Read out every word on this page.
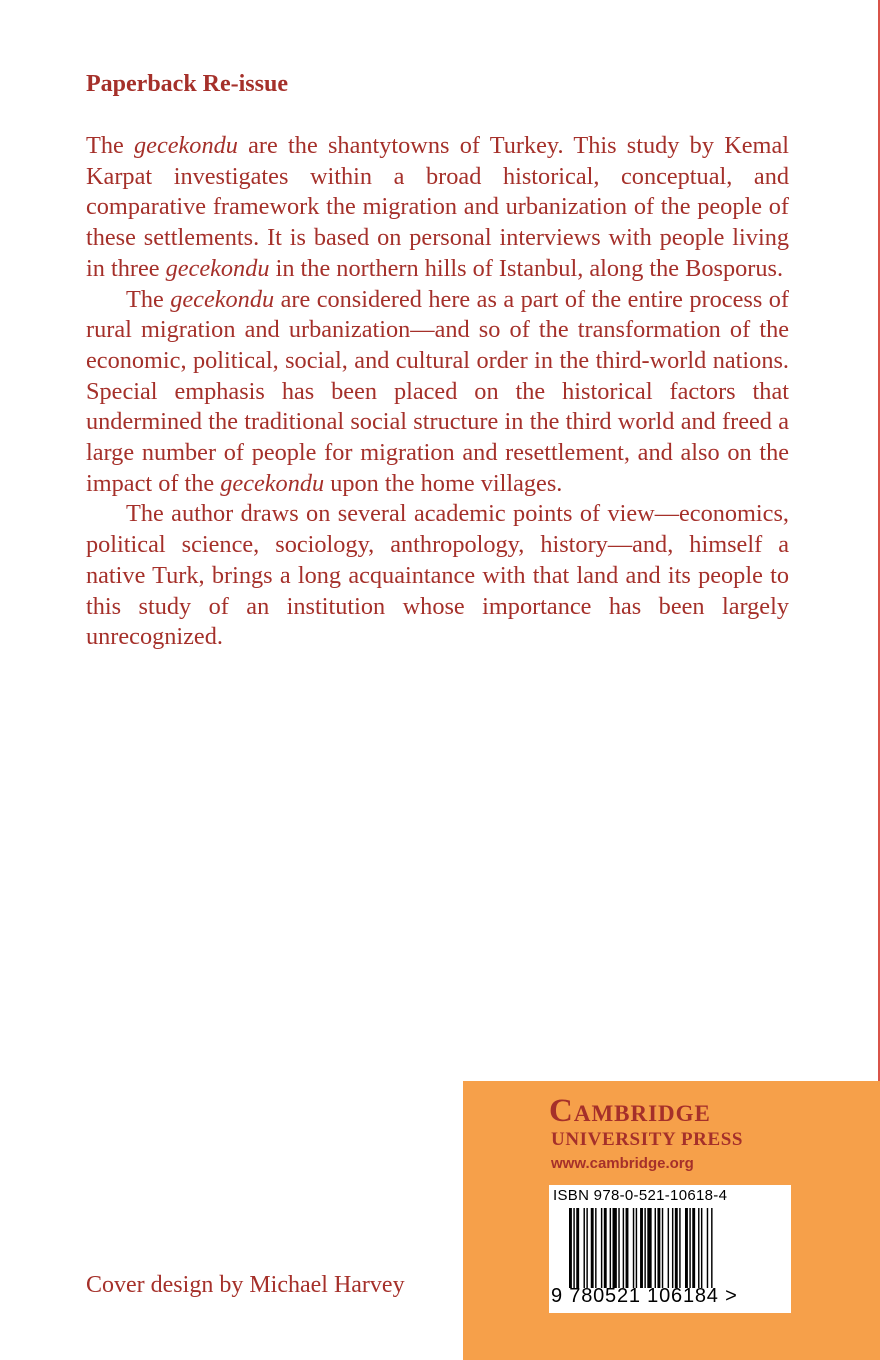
Paperback Re-issue

The gecekondu are the shantytowns of Turkey. This study by Kemal Karpat investigates within a broad historical, conceptual, and comparative framework the migration and urbanization of the people of these settlements. It is based on personal interviews with people living in three gecekondu in the northern hills of Istanbul, along the Bosporus.

The gecekondu are considered here as a part of the entire process of rural migration and urbanization—and so of the transformation of the economic, political, social, and cultural order in the third-world nations. Special emphasis has been placed on the historical factors that undermined the traditional social structure in the third world and freed a large number of people for migration and resettlement, and also on the impact of the gecekondu upon the home villages.

The author draws on several academic points of view—economics, political science, sociology, anthropology, history—and, himself a native Turk, brings a long acquaintance with that land and its people to this study of an institution whose importance has been largely unrecognized.

Cover design by Michael Harvey
Cambridge
UNIVERSITY PRESS
www.cambridge.org
ISBN 978-0-521-10618-4
9 780521 106184 >
